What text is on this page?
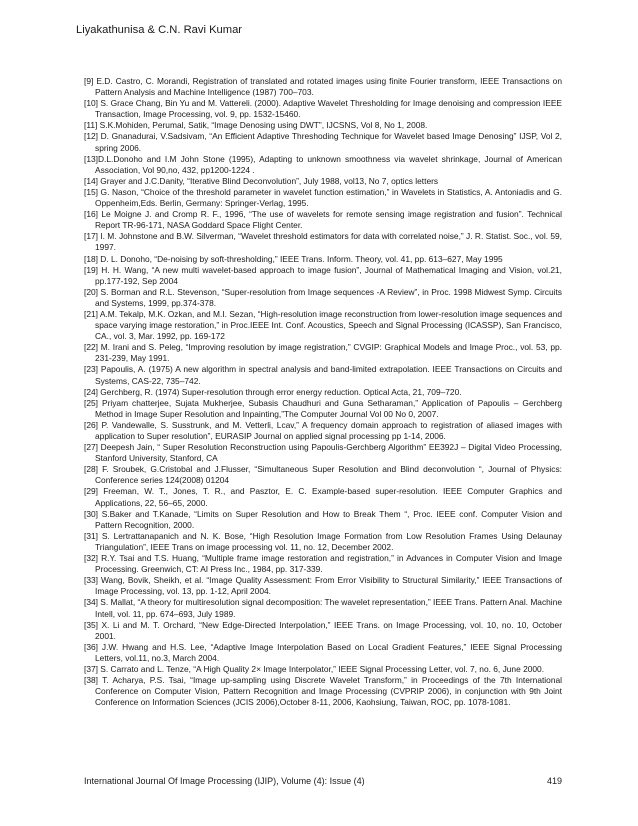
Liyakathunisa & C.N. Ravi Kumar
[9] E.D. Castro, C. Morandi, Registration of translated and rotated images using finite Fourier transform, IEEE Transactions on Pattern Analysis and Machine Intelligence (1987) 700–703.
[10] S. Grace Chang, Bin Yu and M. Vattereli. (2000). Adaptive Wavelet Thresholding for Image denoising and compression IEEE Transaction, Image Processing, vol. 9, pp. 1532-15460.
[11] S.K.Mohiden, Perumal, Satik, “Image Denosing using DWT”, IJCSNS, Vol 8, No 1, 2008.
[12] D. Gnanadurai, V.Sadsivam, “An Efficient Adaptive Threshoding Technique for Wavelet based Image Denosing” IJSP, Vol 2, spring 2006.
[13]D.L.Donoho and I.M John Stone (1995), Adapting to unknown smoothness via wavelet shrinkage, Journal of American Association, Vol 90,no, 432, pp1200-1224 .
[14] Grayer and J.C.Danity, “Iterative Blind Deconvolution”, July 1988, vol13, No 7, optics letters
[15] G. Nason, “Choice of the threshold parameter in wavelet function estimation,” in Wavelets in Statistics, A. Antoniadis and G. Oppenheim,Eds. Berlin, Germany: Springer-Verlag, 1995.
[16] Le Moigne J. and Cromp R. F., 1996, “The use of wavelets for remote sensing image registration and fusion”. Technical Report TR-96-171, NASA Goddard Space Flight Center.
[17] I. M. Johnstone and B.W. Silverman, “Wavelet threshold estimators for data with correlated noise,” J. R. Statist. Soc., vol. 59, 1997.
[18] D. L. Donoho, “De-noising by soft-thresholding,” IEEE Trans. Inform. Theory, vol. 41, pp. 613–627, May 1995
[19] H. H. Wang, “A new multi wavelet-based approach to image fusion”, Journal of Mathematical Imaging and Vision, vol.21, pp.177-192, Sep 2004
[20] S. Borman and R.L. Stevenson, “Super-resolution from Image sequences -A Review”, in Proc. 1998 Midwest Symp. Circuits and Systems, 1999, pp.374-378.
[21] A.M. Tekalp, M.K. Ozkan, and M.I. Sezan, “High-resolution image reconstruction from lower-resolution image sequences and space varying image restoration,” in Proc.IEEE Int. Conf. Acoustics, Speech and Signal Processing (ICASSP), San Francisco, CA., vol. 3, Mar. 1992, pp. 169-172
[22] M. Irani and S. Peleg, “Improving resolution by image registration,” CVGIP: Graphical Models and Image Proc., vol. 53, pp. 231-239, May 1991.
[23] Papoulis, A. (1975) A new algorithm in spectral analysis and band-limited extrapolation. IEEE Transactions on Circuits and Systems, CAS-22, 735–742.
[24] Gerchberg, R. (1974) Super-resolution through error energy reduction. Optical Acta, 21, 709–720.
[25] Priyam chatterjee, Sujata Mukherjee, Subasis Chaudhuri and Guna Setharaman,” Application of Papoulis – Gerchberg Method in Image Super Resolution and Inpainting,”The Computer Journal Vol 00 No 0, 2007.
[26] P. Vandewalle, S. Susstrunk, and M. Vetterli, Lcav,” A frequency domain approach to registration of aliased images with application to Super resolution”, EURASIP Journal on applied signal processing pp 1-14, 2006.
[27] Deepesh Jain, “ Super Resolution Reconstruction using Papoulis-Gerchberg Algorithm” EE392J – Digital Video Processing, Stanford University, Stanford, CA
[28] F. Sroubek, G.Cristobal and J.Flusser, “Simultaneous Super Resolution and Blind deconvolution “, Journal of Physics: Conference series 124(2008) 01204
[29] Freeman, W. T., Jones, T. R., and Pasztor, E. C. Example-based super-resolution. IEEE Computer Graphics and Applications, 22, 56–65, 2000.
[30] S.Baker and T.Kanade, “Limits on Super Resolution and How to Break Them “, Proc. IEEE conf. Computer Vision and Pattern Recognition, 2000.
[31] S. Lertrattanapanich and N. K. Bose, “High Resolution Image Formation from Low Resolution Frames Using Delaunay Triangulation”, IEEE Trans on image processing vol. 11, no. 12, December 2002.
[32] R.Y. Tsai and T.S. Huang, “Multiple frame image restoration and registration,” in Advances in Computer Vision and Image Processing. Greenwich, CT: AI Press Inc., 1984, pp. 317-339.
[33] Wang, Bovik, Sheikh, et al. “Image Quality Assessment: From Error Visibility to Structural Similarity,” IEEE Transactions of Image Processing, vol. 13, pp. 1-12, April 2004.
[34] S. Mallat, “A theory for multiresolution signal decomposition: The wavelet representation,” IEEE Trans. Pattern Anal. Machine Intell, vol. 11, pp. 674–693, July 1989.
[35] X. Li and M. T. Orchard, “New Edge-Directed Interpolation,” IEEE Trans. on Image Processing, vol. 10, no. 10, October 2001.
[36] J.W. Hwang and H.S. Lee, “Adaptive Image Interpolation Based on Local Gradient Features,” IEEE Signal Processing Letters, vol.11, no.3, March 2004.
[37] S. Carrato and L. Tenze, “A High Quality 2× Image Interpolator,” IEEE Signal Processing Letter, vol. 7, no. 6, June 2000.
[38] T. Acharya, P.S. Tsai, “Image up-sampling using Discrete Wavelet Transform,” in Proceedings of the 7th International Conference on Computer Vision, Pattern Recognition and Image Processing (CVPRIP 2006), in conjunction with 9th Joint Conference on Information Sciences (JCIS 2006),October 8-11, 2006, Kaohsiung, Taiwan, ROC, pp. 1078-1081.
International Journal Of Image Processing (IJIP), Volume (4): Issue (4)	419
